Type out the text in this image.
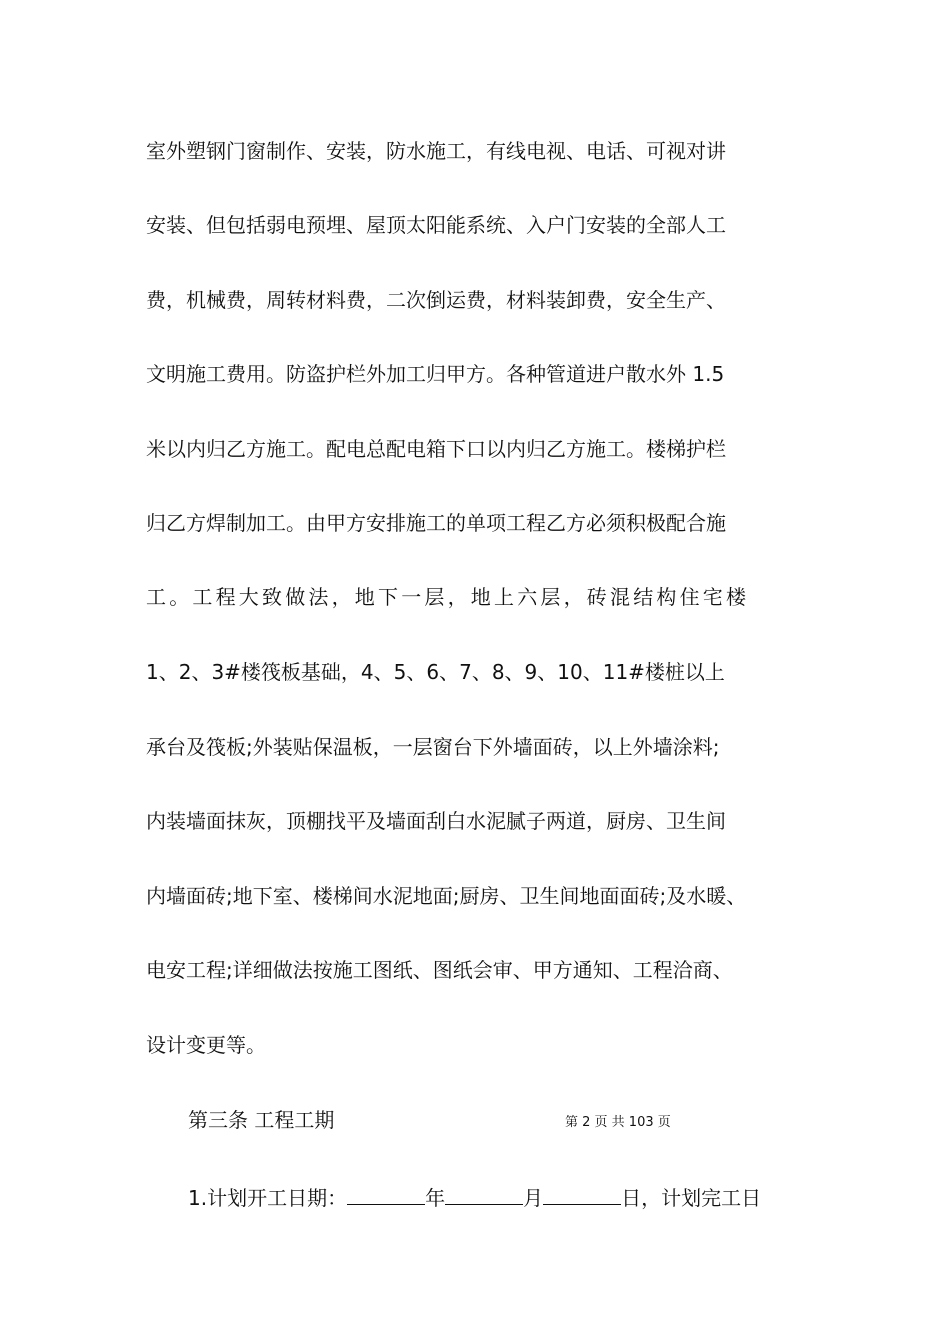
室外塑钢门窗制作、安装，防水施工，有线电视、电话、可视对讲
安装、但包括弱电预埋、屋顶太阳能系统、入户门安装的全部人工
费，机械费，周转材料费，二次倒运费，材料装卸费，安全生产、
文明施工费用。防盗护栏外加工归甲方。各种管道进户散水外 1.5
米以内归乙方施工。配电总配电箱下口以内归乙方施工。楼梯护栏
归乙方焊制加工。由甲方安排施工的单项工程乙方必须积极配合施
工。工程大致做法，地下一层，地上六层，砖混结构住宅楼
1、2、3#楼筏板基础，4、5、6、7、8、9、10、11#楼桩以上
承台及筏板;外装贴保温板，一层窗台下外墙面砖，以上外墙涂料;
内装墙面抹灰，顶棚找平及墙面刮白水泥腻子两道，厨房、卫生间
内墙面砖;地下室、楼梯间水泥地面;厨房、卫生间地面面砖;及水暖、
电安工程;详细做法按施工图纸、图纸会审、甲方通知、工程洽商、
设计变更等。
第三条 工程工期	第 2 页 共 103 页
1.计划开工日期：	年	月	日，计划完工日
